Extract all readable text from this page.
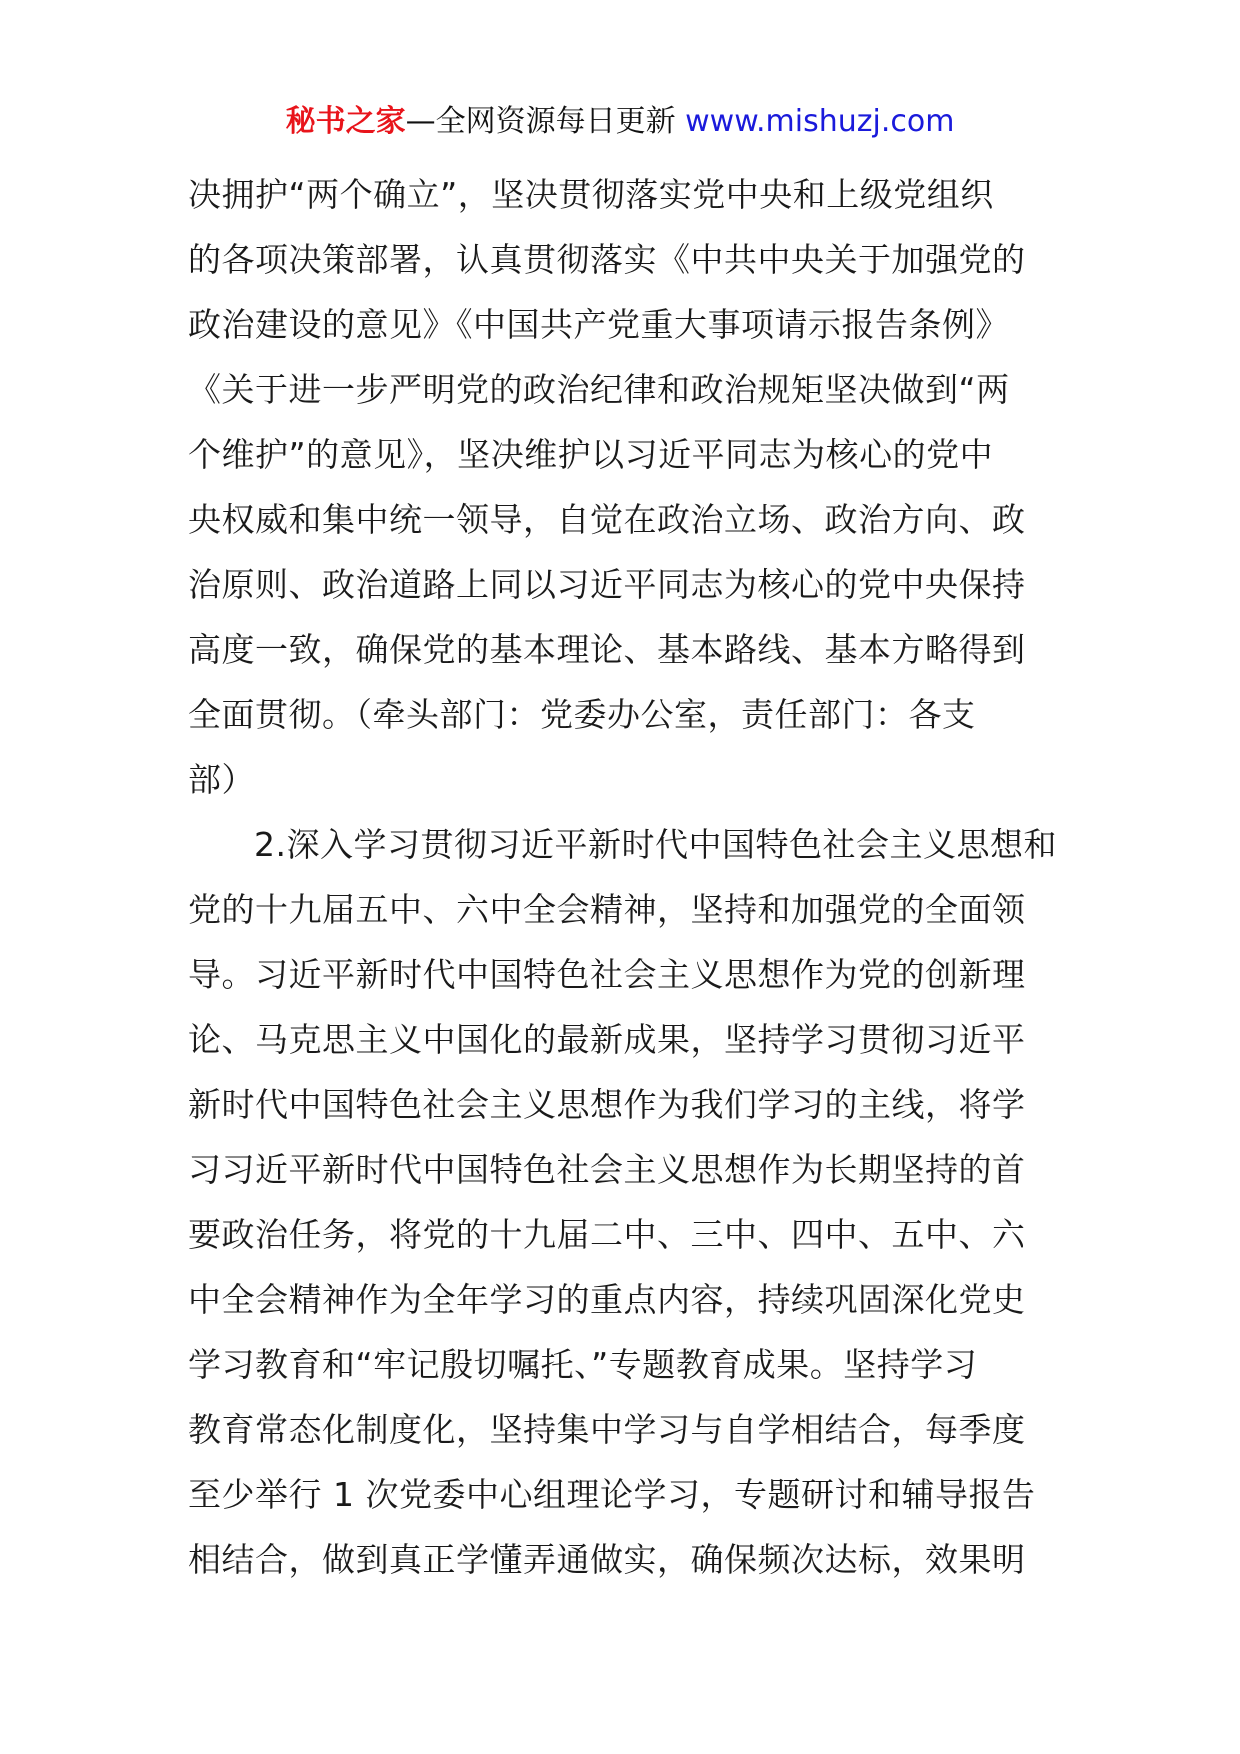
秘书之家—全网资源每日更新 www.mishuzj.com
决拥护“两个确立”，坚决贯彻落实党中央和上级党组织
的各项决策部署，认真贯彻落实《中共中央关于加强党的
政治建设的意见》《中国共产党重大事项请示报告条例》
《关于进一步严明党的政治纪律和政治规矩坚决做到“两
个维护”的意见》，坚决维护以习近平同志为核心的党中
央权威和集中统一领导，自觉在政治立场、政治方向、政
治原则、政治道路上同以习近平同志为核心的党中央保持
高度一致，确保党的基本理论、基本路线、基本方略得到
全面贯彻。（牵头部门：党委办公室，责任部门：各支
部）
2.深入学习贯彻习近平新时代中国特色社会主义思想和
党的十九届五中、六中全会精神，坚持和加强党的全面领
导。习近平新时代中国特色社会主义思想作为党的创新理
论、马克思主义中国化的最新成果，坚持学习贯彻习近平
新时代中国特色社会主义思想作为我们学习的主线，将学
习习近平新时代中国特色社会主义思想作为长期坚持的首
要政治任务，将党的十九届二中、三中、四中、五中、六
中全会精神作为全年学习的重点内容，持续巩固深化党史
学习教育和“牢记殷切嘱托、”专题教育成果。坚持学习
教育常态化制度化，坚持集中学习与自学相结合，每季度
至少举行 1 次党委中心组理论学习，专题研讨和辅导报告
相结合，做到真正学懂弄通做实，确保频次达标，效果明
